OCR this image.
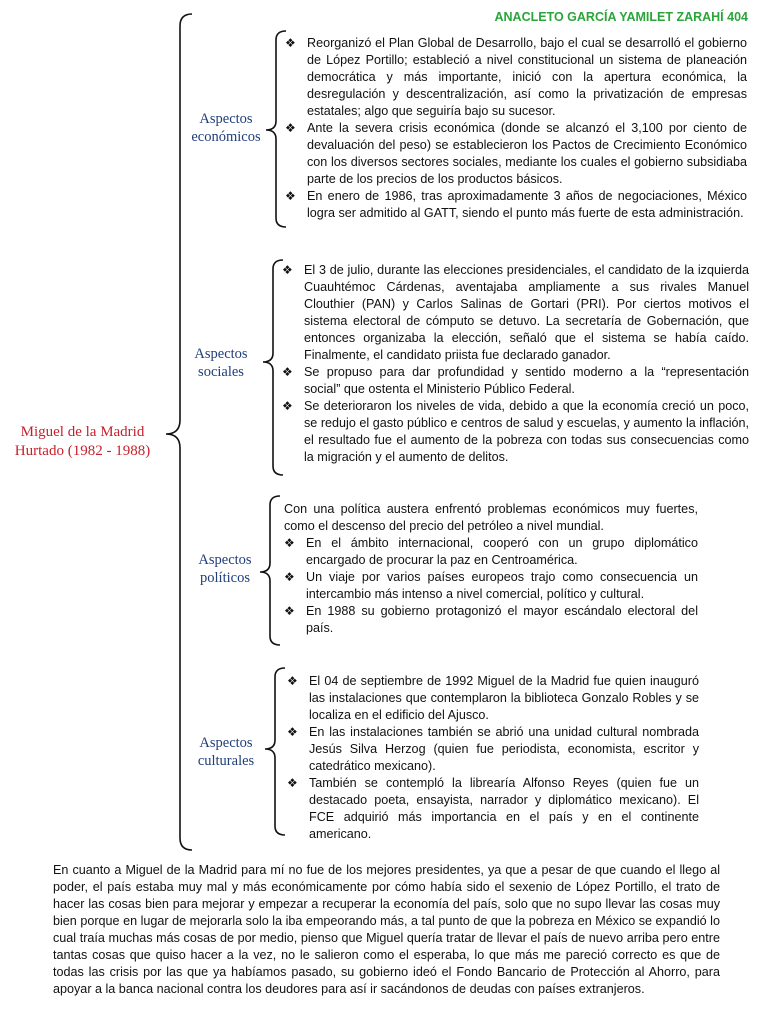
ANACLETO GARCÍA YAMILET ZARAHÍ 404
Miguel de la Madrid Hurtado (1982 - 1988)
Aspectos económicos
Aspectos sociales
Aspectos políticos
Aspectos culturales
❖ Reorganizó el Plan Global de Desarrollo, bajo el cual se desarrolló el gobierno de López Portillo; estableció a nivel constitucional un sistema de planeación democrática y más importante, inició con la apertura económica, la desregulación y descentralización, así como la privatización de empresas estatales; algo que seguiría bajo su sucesor.
❖ Ante la severa crisis económica (donde se alcanzó el 3,100 por ciento de devaluación del peso) se establecieron los Pactos de Crecimiento Económico con los diversos sectores sociales, mediante los cuales el gobierno subsidiaba parte de los precios de los productos básicos.
❖ En enero de 1986, tras aproximadamente 3 años de negociaciones, México logra ser admitido al GATT, siendo el punto más fuerte de esta administración.
❖ El 3 de julio, durante las elecciones presidenciales, el candidato de la izquierda Cuauhtémoc Cárdenas, aventajaba ampliamente a sus rivales Manuel Clouthier (PAN) y Carlos Salinas de Gortari (PRI). Por ciertos motivos el sistema electoral de cómputo se detuvo. La secretaría de Gobernación, que entonces organizaba la elección, señaló que el sistema se había caído. Finalmente, el candidato priista fue declarado ganador.
❖ Se propuso para dar profundidad y sentido moderno a la “representación social” que ostenta el Ministerio Público Federal.
❖ Se deterioraron los niveles de vida, debido a que la economía creció un poco, se redujo el gasto público e centros de salud y escuelas, y aumento la inflación, el resultado fue el aumento de la pobreza con todas sus consecuencias como la migración y el aumento de delitos.
Con una política austera enfrentó problemas económicos muy fuertes, como el descenso del precio del petróleo a nivel mundial.
❖ En el ámbito internacional, cooperó con un grupo diplomático encargado de procurar la paz en Centroamérica.
❖ Un viaje por varios países europeos trajo como consecuencia un intercambio más intenso a nivel comercial, político y cultural.
❖ En 1988 su gobierno protagonizó el mayor escándalo electoral del país.
❖ El 04 de septiembre de 1992 Miguel de la Madrid fue quien inauguró las instalaciones que contemplaron la biblioteca Gonzalo Robles y se localiza en el edificio del Ajusco.
❖ En las instalaciones también se abrió una unidad cultural nombrada Jesús Silva Herzog (quien fue periodista, economista, escritor y catedrático mexicano).
❖ También se contempló la librearía Alfonso Reyes (quien fue un destacado poeta, ensayista, narrador y diplomático mexicano). El FCE adquirió más importancia en el país y en el continente americano.
En cuanto a Miguel de la Madrid para mí no fue de los mejores presidentes, ya que a pesar de que cuando el llego al poder, el país estaba muy mal y más económicamente por cómo había sido el sexenio de López Portillo, el trato de hacer las cosas bien para mejorar y empezar a recuperar la economía del país, solo que no supo llevar las cosas muy bien porque en lugar de mejorarla solo la iba empeorando más, a tal punto de que la pobreza en México se expandió lo cual traía muchas más cosas de por medio, pienso que Miguel quería tratar de llevar el país de nuevo arriba pero entre tantas cosas que quiso hacer a la vez, no le salieron como el esperaba, lo que más me pareció correcto es que de todas las crisis por las que ya habíamos pasado, su gobierno ideó el Fondo Bancario de Protección al Ahorro, para apoyar a la banca nacional contra los deudores para así ir sacándonos de deudas con países extranjeros.
